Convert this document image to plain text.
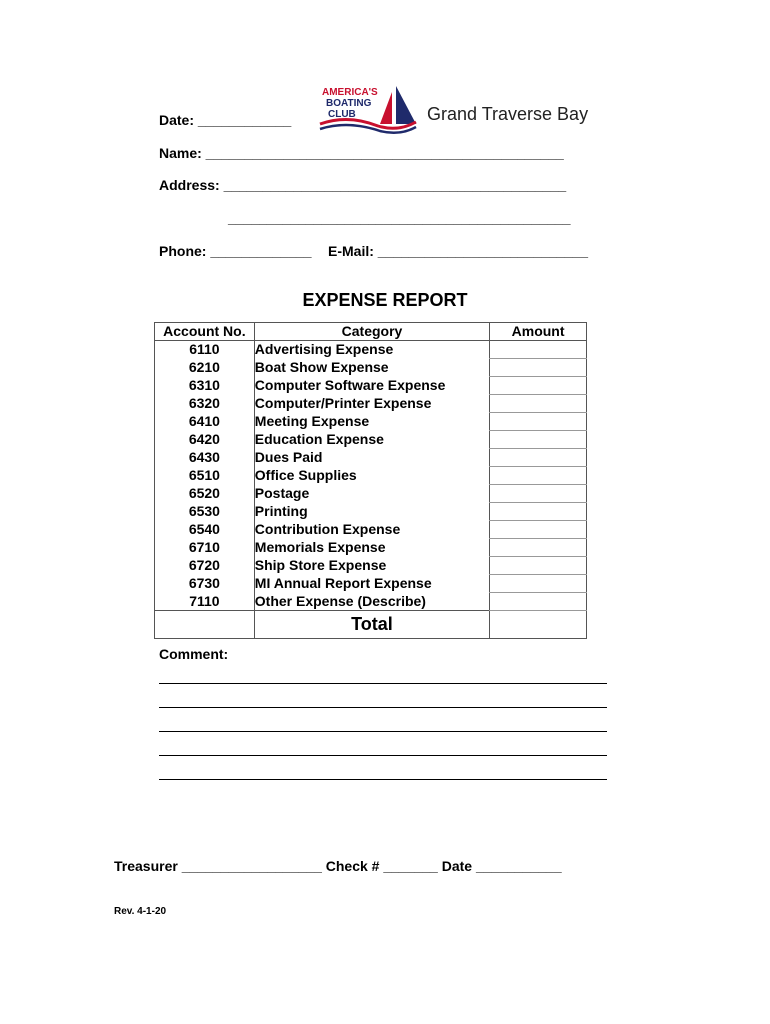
AMERICA'S
BOATING
CLUB	Grand Traverse Bay
Date: ____________
Name: ______________________________________________
Address: ____________________________________________
____________________________________________
Phone: _____________ E-Mail: ___________________________
EXPENSE REPORT
Account No.	Category	Amount
6110	Advertising Expense	
6210	Boat Show Expense	
6310	Computer Software Expense	
6320	Computer/Printer Expense	
6410	Meeting Expense	
6420	Education Expense	
6430	Dues Paid	
6510	Office Supplies	
6520	Postage	
6530	Printing	
6540	Contribution Expense	
6710	Memorials Expense	
6720	Ship Store Expense	
6730	MI Annual Report Expense	
7110	Other Expense (Describe)	
	Total	
Comment:
Treasurer __________________ Check # _______ Date ___________
Rev. 4-1-20
